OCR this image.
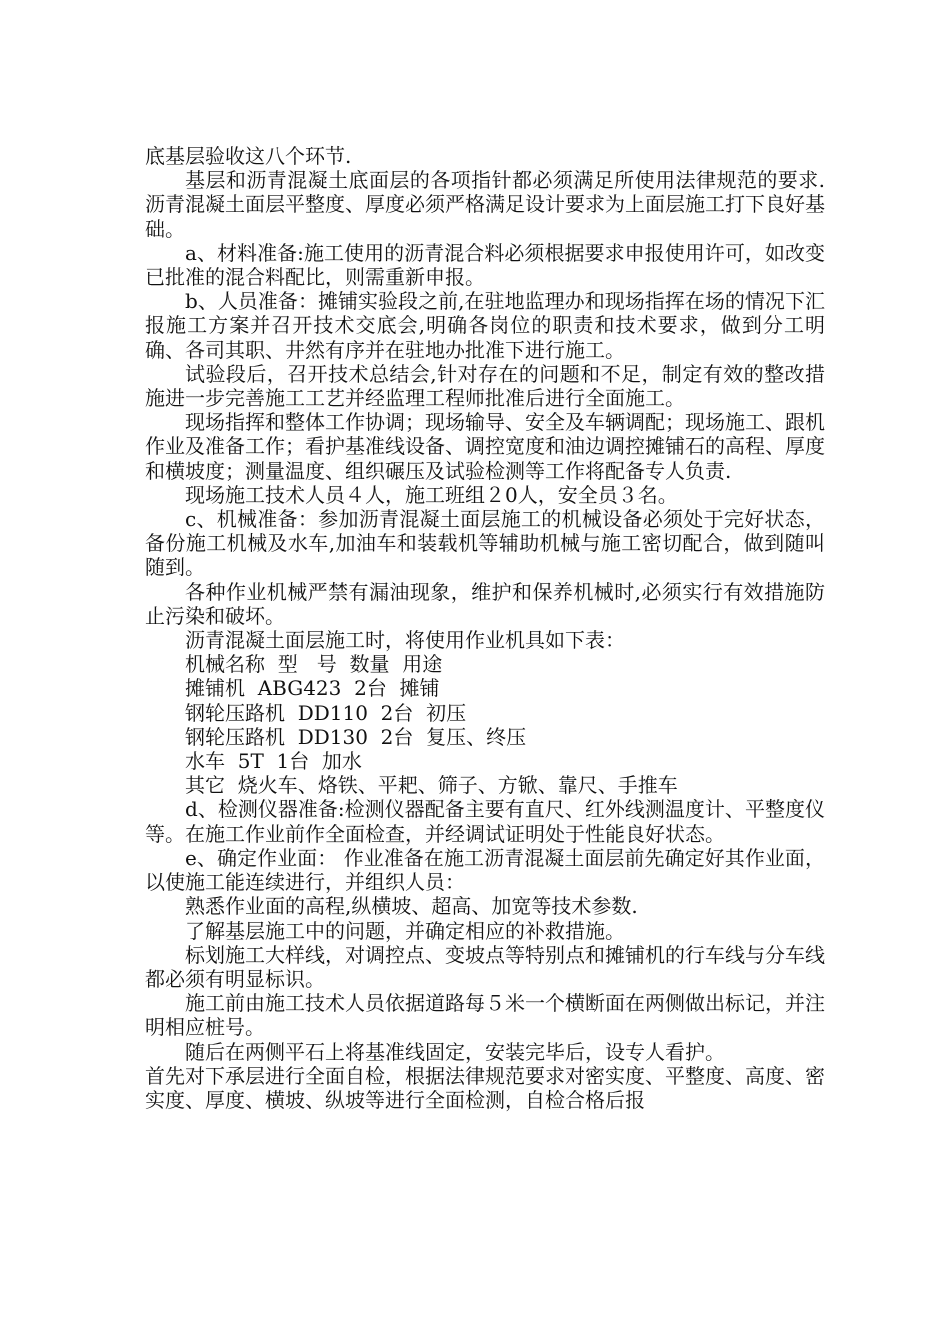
底基层验收这八个环节.

基层和沥青混凝土底面层的各项指针都必须满足所使用法律规范的要求.沥青混凝土面层平整度、厚度必须严格满足设计要求为上面层施工打下良好基础。

a、材料准备:施工使用的沥青混合料必须根据要求申报使用许可，如改变已批准的混合料配比，则需重新申报。

b、人员准备：摊铺实验段之前,在驻地监理办和现场指挥在场的情况下汇报施工方案并召开技术交底会,明确各岗位的职责和技术要求，做到分工明确、各司其职、井然有序并在驻地办批准下进行施工。

试验段后，召开技术总结会,针对存在的问题和不足，制定有效的整改措施进一步完善施工工艺并经监理工程师批准后进行全面施工。

现场指挥和整体工作协调；现场输导、安全及车辆调配；现场施工、跟机作业及准备工作；看护基准线设备、调控宽度和油边调控摊铺石的高程、厚度和横坡度；测量温度、组织碾压及试验检测等工作将配备专人负责.

现场施工技术人员４人，施工班组２0人，安全员３名。

c、机械准备：参加沥青混凝土面层施工的机械设备必须处于完好状态，备份施工机械及水车,加油车和装载机等辅助机械与施工密切配合，做到随叫随到。

各种作业机械严禁有漏油现象，维护和保养机械时,必须实行有效措施防止污染和破坏。

沥青混凝土面层施工时，将使用作业机具如下表：

机械名称  型   号  数量  用途

摊铺机  ABG423  2台  摊铺

钢轮压路机  DD110  2台  初压

钢轮压路机  DD130  2台  复压、终压

水车  5T  1台  加水

其它  烧火车、烙铁、平耙、筛子、方锨、靠尺、手推车

d、检测仪器准备:检测仪器配备主要有直尺、红外线测温度计、平整度仪等。在施工作业前作全面检查，并经调试证明处于性能良好状态。

e、确定作业面： 作业准备在施工沥青混凝土面层前先确定好其作业面，以使施工能连续进行，并组织人员：

熟悉作业面的高程,纵横坡、超高、加宽等技术参数.

了解基层施工中的问题，并确定相应的补救措施。

标划施工大样线，对调控点、变坡点等特别点和摊铺机的行车线与分车线都必须有明显标识。

施工前由施工技术人员依据道路每５米一个横断面在两侧做出标记，并注明相应桩号。

随后在两侧平石上将基准线固定，安装完毕后，设专人看护。

首先对下承层进行全面自检，根据法律规范要求对密实度、平整度、高度、密实度、厚度、横坡、纵坡等进行全面检测，自检合格后报
